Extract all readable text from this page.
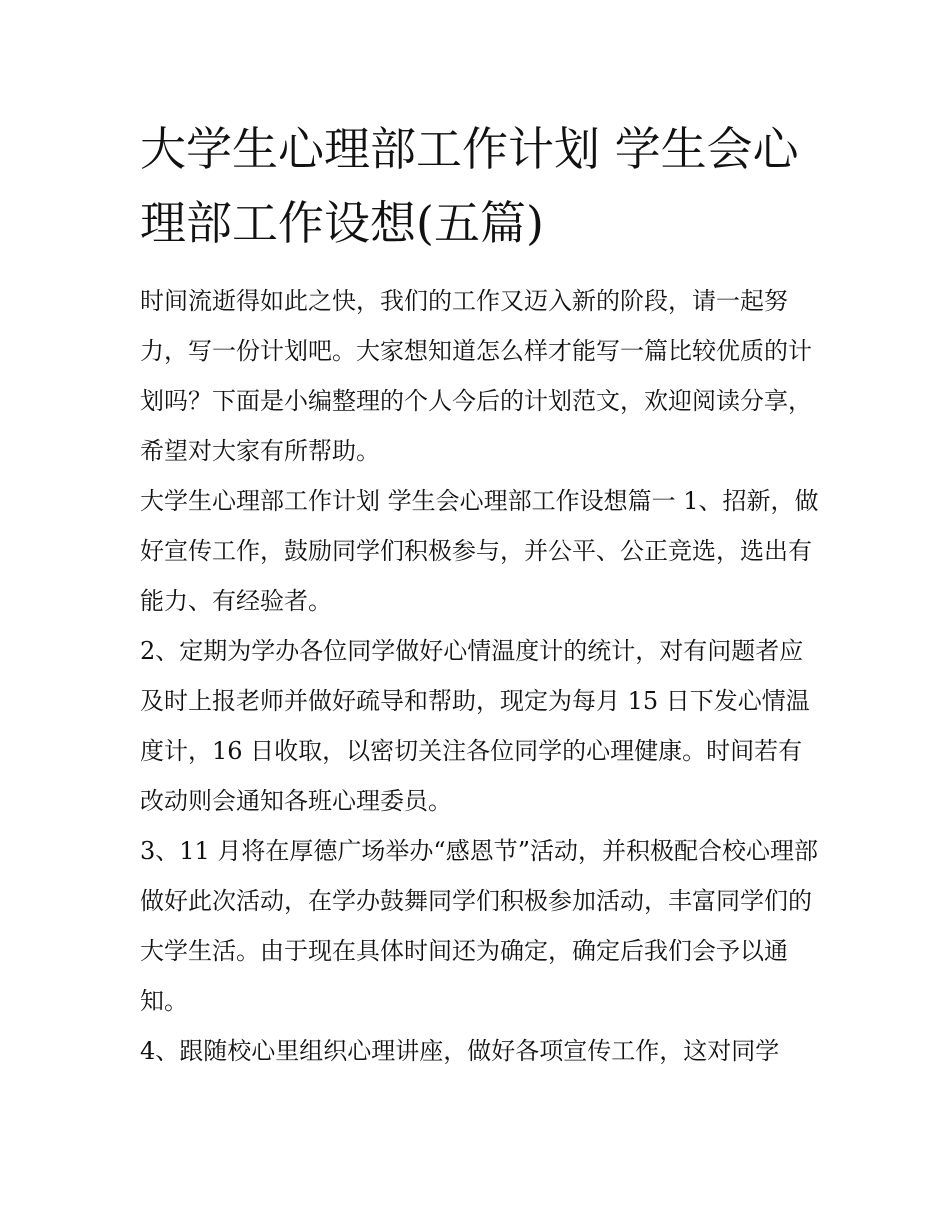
大学生心理部工作计划 学生会心理部工作设想(五篇)

时间流逝得如此之快，我们的工作又迈入新的阶段，请一起努力，写一份计划吧。大家想知道怎么样才能写一篇比较优质的计划吗？下面是小编整理的个人今后的计划范文，欢迎阅读分享，希望对大家有所帮助。

大学生心理部工作计划 学生会心理部工作设想篇一 1、招新，做好宣传工作，鼓励同学们积极参与，并公平、公正竞选，选出有能力、有经验者。

2、定期为学办各位同学做好心情温度计的统计，对有问题者应及时上报老师并做好疏导和帮助，现定为每月 15 日下发心情温度计，16 日收取，以密切关注各位同学的心理健康。时间若有改动则会通知各班心理委员。

3、11 月将在厚德广场举办“感恩节”活动，并积极配合校心理部做好此次活动，在学办鼓舞同学们积极参加活动，丰富同学们的大学生活。由于现在具体时间还为确定，确定后我们会予以通知。

4、跟随校心里组织心理讲座，做好各项宣传工作，这对同学
